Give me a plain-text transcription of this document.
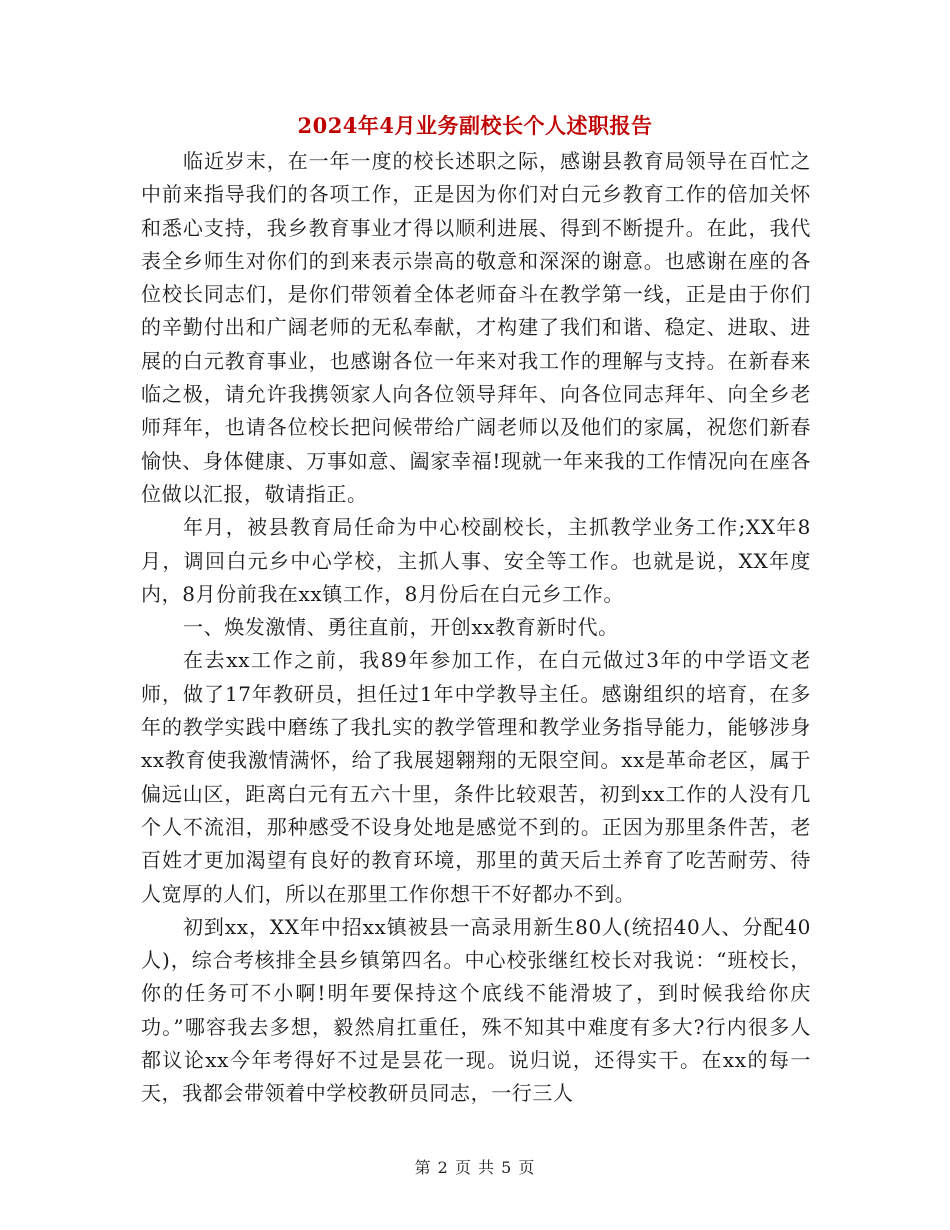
2024年4月业务副校长个人述职报告

临近岁末，在一年一度的校长述职之际，感谢县教育局领导在百忙之中前来指导我们的各项工作，正是因为你们对白元乡教育工作的倍加关怀和悉心支持，我乡教育事业才得以顺利进展、得到不断提升。在此，我代表全乡师生对你们的到来表示崇高的敬意和深深的谢意。也感谢在座的各位校长同志们，是你们带领着全体老师奋斗在教学第一线，正是由于你们的辛勤付出和广阔老师的无私奉献，才构建了我们和谐、稳定、进取、进展的白元教育事业，也感谢各位一年来对我工作的理解与支持。在新春来临之极，请允许我携领家人向各位领导拜年、向各位同志拜年、向全乡老师拜年，也请各位校长把问候带给广阔老师以及他们的家属，祝您们新春愉快、身体健康、万事如意、阖家幸福!现就一年来我的工作情况向在座各位做以汇报，敬请指正。

年月，被县教育局任命为中心校副校长，主抓教学业务工作;XX年8月，调回白元乡中心学校，主抓人事、安全等工作。也就是说，XX年度内，8月份前我在xx镇工作，8月份后在白元乡工作。

一、焕发激情、勇往直前，开创xx教育新时代。

在去xx工作之前，我89年参加工作，在白元做过3年的中学语文老师，做了17年教研员，担任过1年中学教导主任。感谢组织的培育，在多年的教学实践中磨练了我扎实的教学管理和教学业务指导能力，能够涉身xx教育使我激情满怀，给了我展翅翱翔的无限空间。xx是革命老区，属于偏远山区，距离白元有五六十里，条件比较艰苦，初到xx工作的人没有几个人不流泪，那种感受不设身处地是感觉不到的。正因为那里条件苦，老百姓才更加渴望有良好的教育环境，那里的黄天后土养育了吃苦耐劳、待人宽厚的人们，所以在那里工作你想干不好都办不到。

初到xx，XX年中招xx镇被县一高录用新生80人(统招40人、分配40人)，综合考核排全县乡镇第四名。中心校张继红校长对我说：“班校长，你的任务可不小啊!明年要保持这个底线不能滑坡了，到时候我给你庆功。”哪容我去多想，毅然肩扛重任，殊不知其中难度有多大?行内很多人都议论xx今年考得好不过是昙花一现。说归说，还得实干。在xx的每一天，我都会带领着中学校教研员同志，一行三人

第 2 页 共 5 页
